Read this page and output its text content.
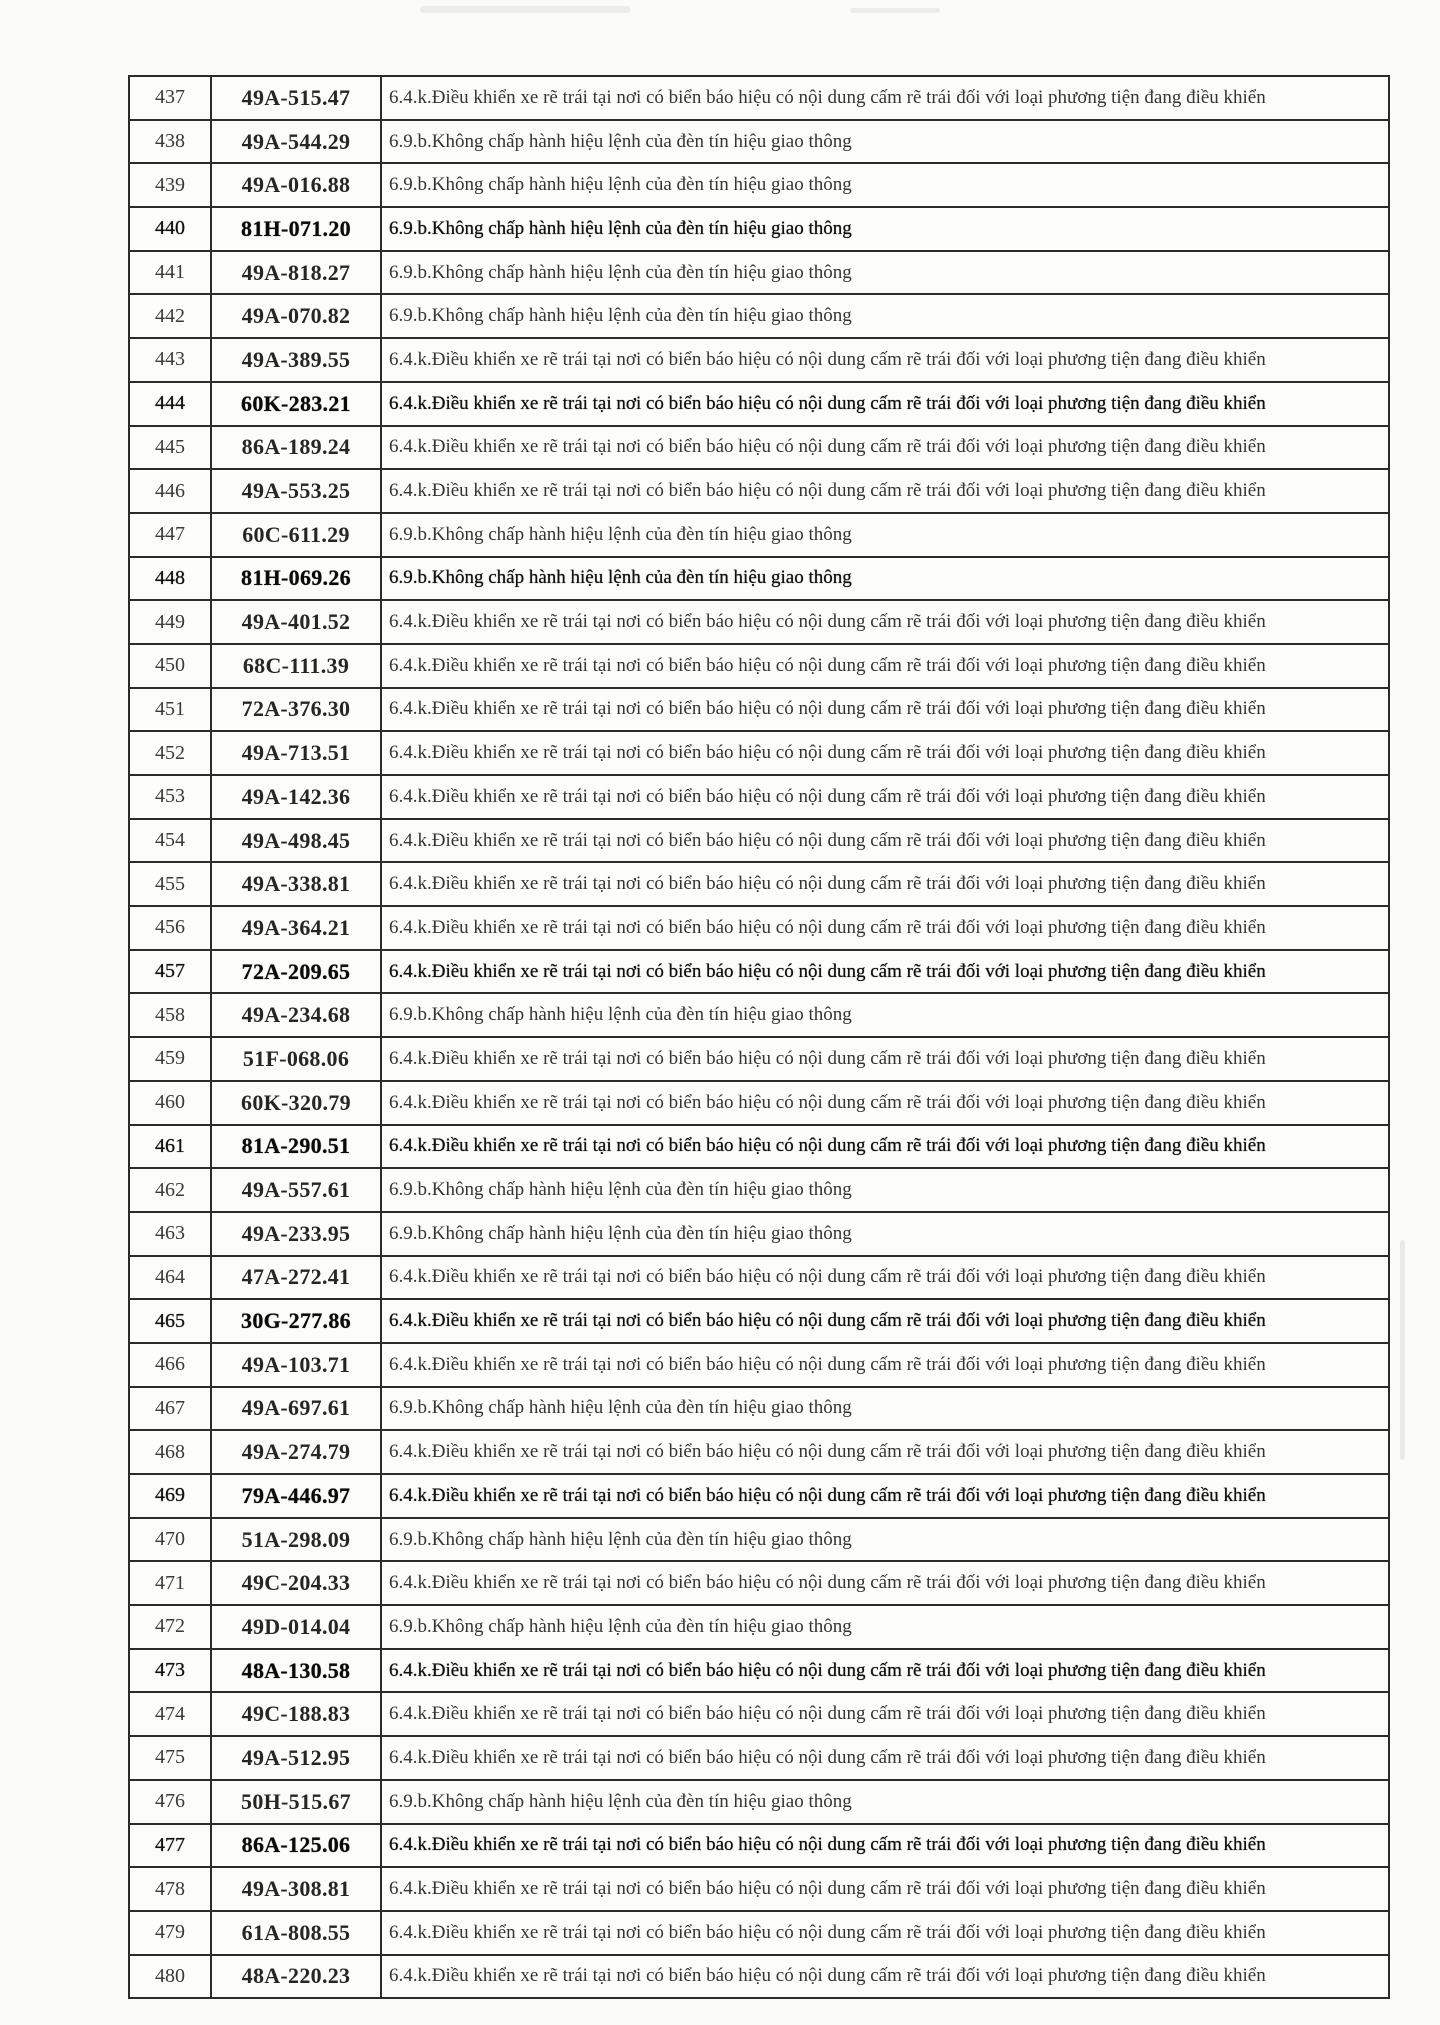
437	49A-515.47	6.4.k.Điều khiển xe rẽ trái tại nơi có biển báo hiệu có nội dung cấm rẽ trái đối với loại phương tiện đang điều khiển
438	49A-544.29	6.9.b.Không chấp hành hiệu lệnh của đèn tín hiệu giao thông
439	49A-016.88	6.9.b.Không chấp hành hiệu lệnh của đèn tín hiệu giao thông
440	81H-071.20	6.9.b.Không chấp hành hiệu lệnh của đèn tín hiệu giao thông
441	49A-818.27	6.9.b.Không chấp hành hiệu lệnh của đèn tín hiệu giao thông
442	49A-070.82	6.9.b.Không chấp hành hiệu lệnh của đèn tín hiệu giao thông
443	49A-389.55	6.4.k.Điều khiển xe rẽ trái tại nơi có biển báo hiệu có nội dung cấm rẽ trái đối với loại phương tiện đang điều khiển
444	60K-283.21	6.4.k.Điều khiển xe rẽ trái tại nơi có biển báo hiệu có nội dung cấm rẽ trái đối với loại phương tiện đang điều khiển
445	86A-189.24	6.4.k.Điều khiển xe rẽ trái tại nơi có biển báo hiệu có nội dung cấm rẽ trái đối với loại phương tiện đang điều khiển
446	49A-553.25	6.4.k.Điều khiển xe rẽ trái tại nơi có biển báo hiệu có nội dung cấm rẽ trái đối với loại phương tiện đang điều khiển
447	60C-611.29	6.9.b.Không chấp hành hiệu lệnh của đèn tín hiệu giao thông
448	81H-069.26	6.9.b.Không chấp hành hiệu lệnh của đèn tín hiệu giao thông
449	49A-401.52	6.4.k.Điều khiển xe rẽ trái tại nơi có biển báo hiệu có nội dung cấm rẽ trái đối với loại phương tiện đang điều khiển
450	68C-111.39	6.4.k.Điều khiển xe rẽ trái tại nơi có biển báo hiệu có nội dung cấm rẽ trái đối với loại phương tiện đang điều khiển
451	72A-376.30	6.4.k.Điều khiển xe rẽ trái tại nơi có biển báo hiệu có nội dung cấm rẽ trái đối với loại phương tiện đang điều khiển
452	49A-713.51	6.4.k.Điều khiển xe rẽ trái tại nơi có biển báo hiệu có nội dung cấm rẽ trái đối với loại phương tiện đang điều khiển
453	49A-142.36	6.4.k.Điều khiển xe rẽ trái tại nơi có biển báo hiệu có nội dung cấm rẽ trái đối với loại phương tiện đang điều khiển
454	49A-498.45	6.4.k.Điều khiển xe rẽ trái tại nơi có biển báo hiệu có nội dung cấm rẽ trái đối với loại phương tiện đang điều khiển
455	49A-338.81	6.4.k.Điều khiển xe rẽ trái tại nơi có biển báo hiệu có nội dung cấm rẽ trái đối với loại phương tiện đang điều khiển
456	49A-364.21	6.4.k.Điều khiển xe rẽ trái tại nơi có biển báo hiệu có nội dung cấm rẽ trái đối với loại phương tiện đang điều khiển
457	72A-209.65	6.4.k.Điều khiển xe rẽ trái tại nơi có biển báo hiệu có nội dung cấm rẽ trái đối với loại phương tiện đang điều khiển
458	49A-234.68	6.9.b.Không chấp hành hiệu lệnh của đèn tín hiệu giao thông
459	51F-068.06	6.4.k.Điều khiển xe rẽ trái tại nơi có biển báo hiệu có nội dung cấm rẽ trái đối với loại phương tiện đang điều khiển
460	60K-320.79	6.4.k.Điều khiển xe rẽ trái tại nơi có biển báo hiệu có nội dung cấm rẽ trái đối với loại phương tiện đang điều khiển
461	81A-290.51	6.4.k.Điều khiển xe rẽ trái tại nơi có biển báo hiệu có nội dung cấm rẽ trái đối với loại phương tiện đang điều khiển
462	49A-557.61	6.9.b.Không chấp hành hiệu lệnh của đèn tín hiệu giao thông
463	49A-233.95	6.9.b.Không chấp hành hiệu lệnh của đèn tín hiệu giao thông
464	47A-272.41	6.4.k.Điều khiển xe rẽ trái tại nơi có biển báo hiệu có nội dung cấm rẽ trái đối với loại phương tiện đang điều khiển
465	30G-277.86	6.4.k.Điều khiển xe rẽ trái tại nơi có biển báo hiệu có nội dung cấm rẽ trái đối với loại phương tiện đang điều khiển
466	49A-103.71	6.4.k.Điều khiển xe rẽ trái tại nơi có biển báo hiệu có nội dung cấm rẽ trái đối với loại phương tiện đang điều khiển
467	49A-697.61	6.9.b.Không chấp hành hiệu lệnh của đèn tín hiệu giao thông
468	49A-274.79	6.4.k.Điều khiển xe rẽ trái tại nơi có biển báo hiệu có nội dung cấm rẽ trái đối với loại phương tiện đang điều khiển
469	79A-446.97	6.4.k.Điều khiển xe rẽ trái tại nơi có biển báo hiệu có nội dung cấm rẽ trái đối với loại phương tiện đang điều khiển
470	51A-298.09	6.9.b.Không chấp hành hiệu lệnh của đèn tín hiệu giao thông
471	49C-204.33	6.4.k.Điều khiển xe rẽ trái tại nơi có biển báo hiệu có nội dung cấm rẽ trái đối với loại phương tiện đang điều khiển
472	49D-014.04	6.9.b.Không chấp hành hiệu lệnh của đèn tín hiệu giao thông
473	48A-130.58	6.4.k.Điều khiển xe rẽ trái tại nơi có biển báo hiệu có nội dung cấm rẽ trái đối với loại phương tiện đang điều khiển
474	49C-188.83	6.4.k.Điều khiển xe rẽ trái tại nơi có biển báo hiệu có nội dung cấm rẽ trái đối với loại phương tiện đang điều khiển
475	49A-512.95	6.4.k.Điều khiển xe rẽ trái tại nơi có biển báo hiệu có nội dung cấm rẽ trái đối với loại phương tiện đang điều khiển
476	50H-515.67	6.9.b.Không chấp hành hiệu lệnh của đèn tín hiệu giao thông
477	86A-125.06	6.4.k.Điều khiển xe rẽ trái tại nơi có biển báo hiệu có nội dung cấm rẽ trái đối với loại phương tiện đang điều khiển
478	49A-308.81	6.4.k.Điều khiển xe rẽ trái tại nơi có biển báo hiệu có nội dung cấm rẽ trái đối với loại phương tiện đang điều khiển
479	61A-808.55	6.4.k.Điều khiển xe rẽ trái tại nơi có biển báo hiệu có nội dung cấm rẽ trái đối với loại phương tiện đang điều khiển
480	48A-220.23	6.4.k.Điều khiển xe rẽ trái tại nơi có biển báo hiệu có nội dung cấm rẽ trái đối với loại phương tiện đang điều khiển
